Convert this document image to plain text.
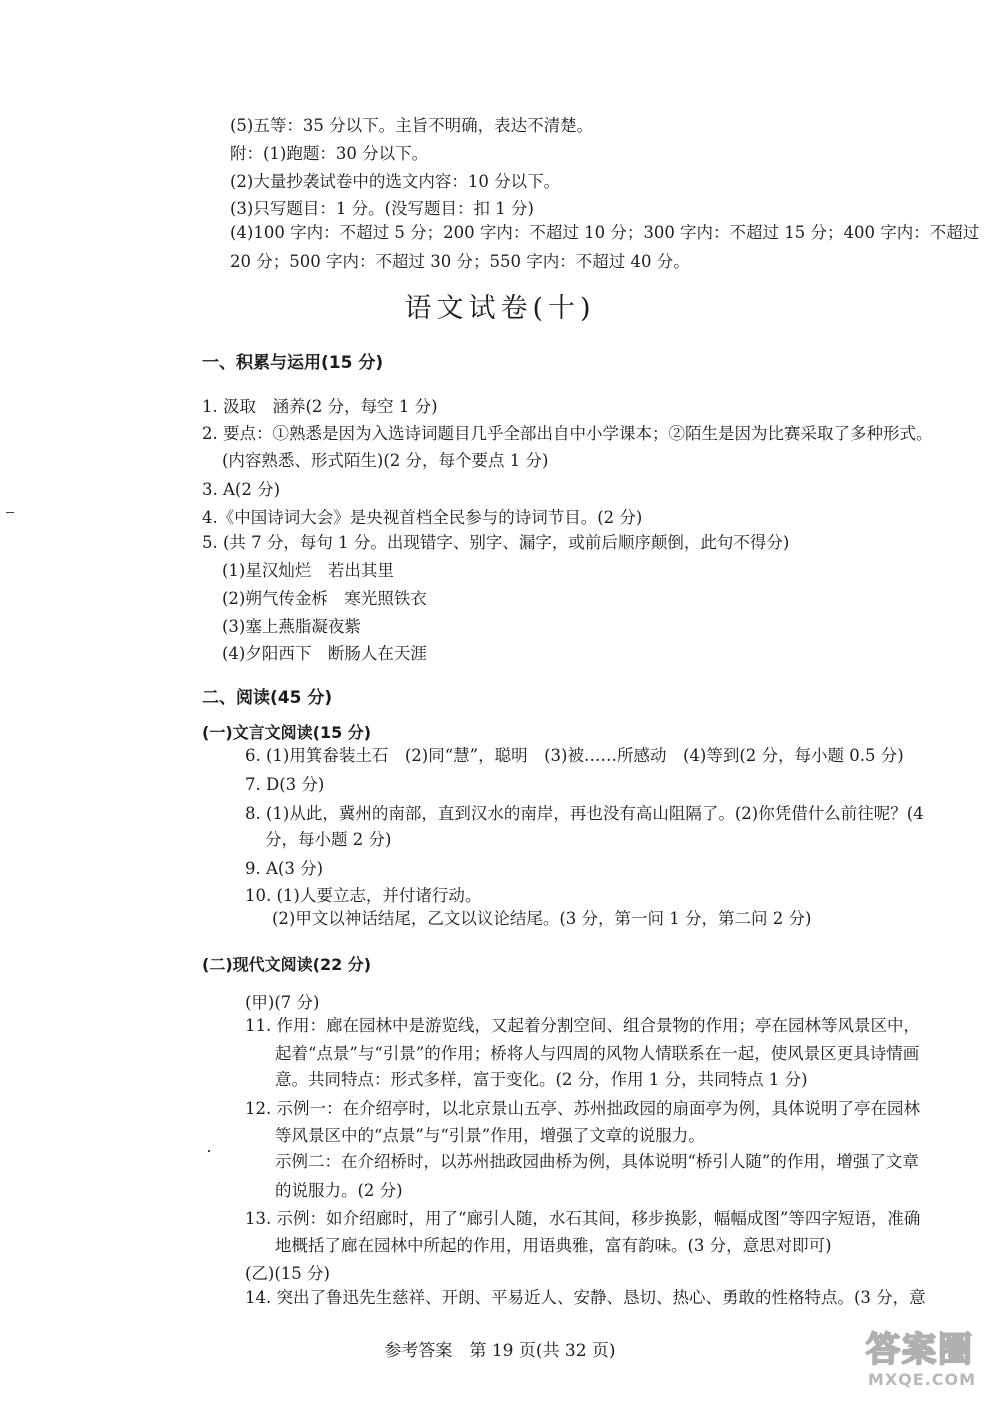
(5)五等：35 分以下。主旨不明确，表达不清楚。
附：(1)跑题：30 分以下。
(2)大量抄袭试卷中的选文内容：10 分以下。
(3)只写题目：1 分。(没写题目：扣 1 分)
(4)100 字内：不超过 5 分；200 字内：不超过 10 分；300 字内：不超过 15 分；400 字内：不超过
20 分；500 字内：不超过 30 分；550 字内：不超过 40 分。
语文试卷(十)
一、积累与运用(15 分)
1. 汲取　涵养(2 分，每空 1 分)
2. 要点：①熟悉是因为入选诗词题目几乎全部出自中小学课本；②陌生是因为比赛采取了多种形式。
(内容熟悉、形式陌生)(2 分，每个要点 1 分)
3. A(2 分)
4.《中国诗词大会》是央视首档全民参与的诗词节目。(2 分)
5. (共 7 分，每句 1 分。出现错字、别字、漏字，或前后顺序颠倒，此句不得分)
(1)星汉灿烂　若出其里
(2)朔气传金柝　寒光照铁衣
(3)塞上燕脂凝夜紫
(4)夕阳西下　断肠人在天涯
二、阅读(45 分)
(一)文言文阅读(15 分)
6. (1)用箕畚装土石　(2)同“慧”，聪明　(3)被……所感动　(4)等到(2 分，每小题 0.5 分)
7. D(3 分)
8. (1)从此，冀州的南部，直到汉水的南岸，再也没有高山阻隔了。(2)你凭借什么前往呢？(4
分，每小题 2 分)
9. A(3 分)
10. (1)人要立志，并付诸行动。
(2)甲文以神话结尾，乙文以议论结尾。(3 分，第一问 1 分，第二问 2 分)
(二)现代文阅读(22 分)
(甲)(7 分)
11. 作用：廊在园林中是游览线，又起着分割空间、组合景物的作用；亭在园林等风景区中，
起着“点景”与“引景”的作用；桥将人与四周的风物人情联系在一起，使风景区更具诗情画
意。共同特点：形式多样，富于变化。(2 分，作用 1 分，共同特点 1 分)
12. 示例一：在介绍亭时，以北京景山五亭、苏州拙政园的扇面亭为例，具体说明了亭在园林
等风景区中的“点景”与“引景”作用，增强了文章的说服力。
示例二：在介绍桥时，以苏州拙政园曲桥为例，具体说明“桥引人随”的作用，增强了文章
的说服力。(2 分)
13. 示例：如介绍廊时，用了“廊引人随，水石其间，移步换影，幅幅成图”等四字短语，准确
地概括了廊在园林中所起的作用，用语典雅，富有韵味。(3 分，意思对即可)
(乙)(15 分)
14. 突出了鲁迅先生慈祥、开朗、平易近人、安静、恳切、热心、勇敢的性格特点。(3 分，意
参考答案　第 19 页(共 32 页)	答案圈
MXQE.COM
